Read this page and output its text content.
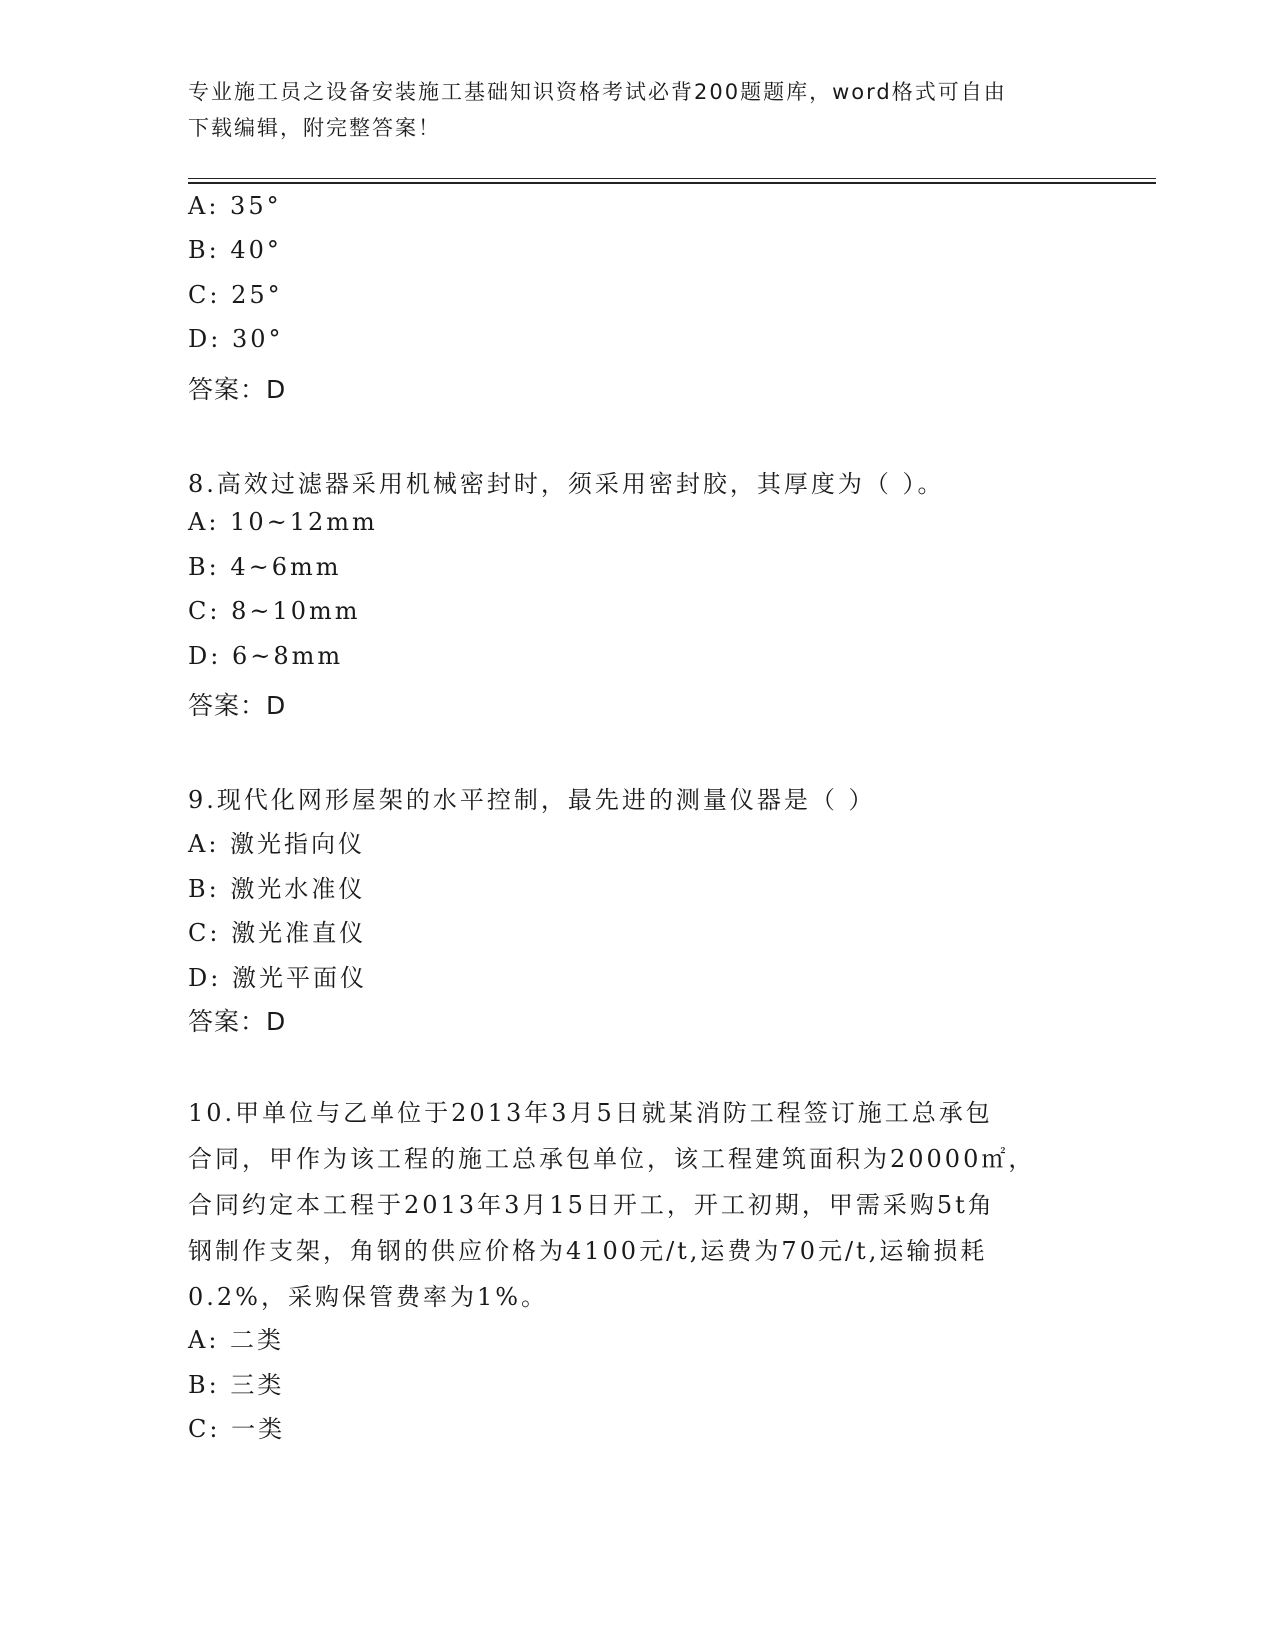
专业施工员之设备安装施工基础知识资格考试必背200题题库，word格式可自由
下载编辑，附完整答案！
A: 35°
B: 40°
C: 25°
D: 30°
答案：D
8.高效过滤器采用机械密封时，须采用密封胶，其厚度为（ ）。
A: 10~12mm
B: 4~6mm
C: 8~10mm
D: 6~8mm
答案：D
9.现代化网形屋架的水平控制，最先进的测量仪器是（ ）
A: 激光指向仪
B: 激光水准仪
C: 激光准直仪
D: 激光平面仪
答案：D
10.甲单位与乙单位于2013年3月5日就某消防工程签订施工总承包
合同，甲作为该工程的施工总承包单位，该工程建筑面积为20000㎡，
合同约定本工程于2013年3月15日开工，开工初期，甲需采购5t角
钢制作支架，角钢的供应价格为4100元/t,运费为70元/t,运输损耗
0.2%，采购保管费率为1%。
A: 二类
B: 三类
C: 一类
